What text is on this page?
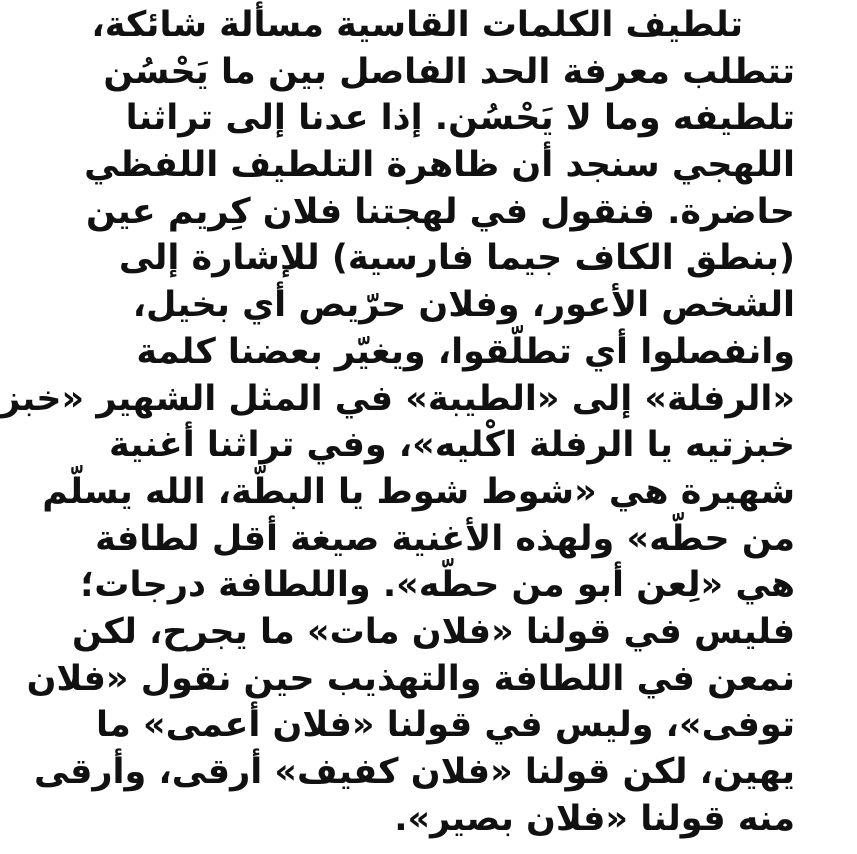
تلطيف الكلمات القاسية مسألة شائكة،
تتطلب معرفة الحد الفاصل بين ما يَحْسُن
تلطيفه وما لا يَحْسُن. إذا عدنا إلى تراثنا
اللهجي سنجد أن ظاهرة التلطيف اللفظي
حاضرة. فنقول في لهجتنا فلان كِريم عين
(بنطق الكاف جيما فارسية) للإشارة إلى
الشخص الأعور، وفلان حرّيص أي بخيل،
وانفصلوا أي تطلّقوا، ويغيّر بعضنا كلمة
«الرفلة» إلى «الطيبة» في المثل الشهير «خبز
خبزتيه يا الرفلة اكْليه»، وفي تراثنا أغنية
شهيرة هي «شوط شوط يا البطّة، الله يسلّم
من حطّه» ولهذه الأغنية صيغة أقل لطافة
هي «لِعن أبو من حطّه». واللطافة درجات؛
فليس في قولنا «فلان مات» ما يجرح، لكن
نمعن في اللطافة والتهذيب حين نقول «فلان
توفى»، وليس في قولنا «فلان أعمى» ما
يهين، لكن قولنا «فلان كفيف» أرقى، وأرقى
منه قولنا «فلان بصير».
